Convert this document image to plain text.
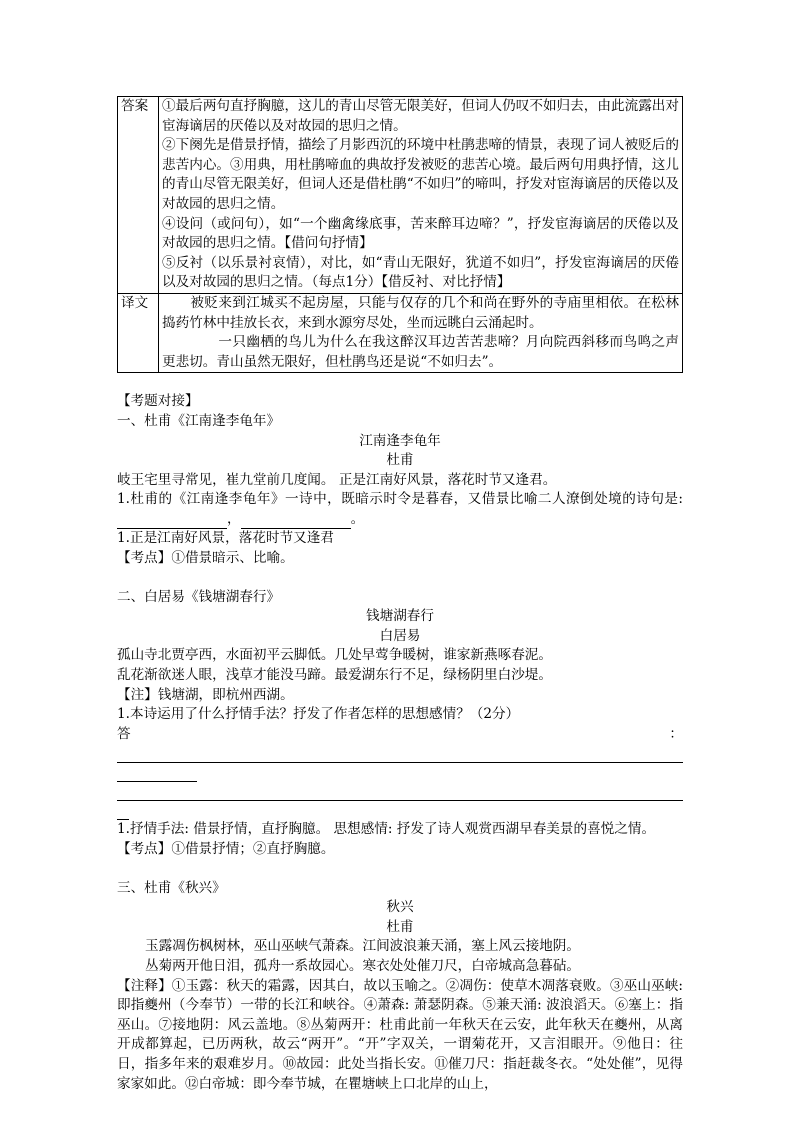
答案	①最后两句直抒胸臆，这儿的青山尽管无限美好，但词人仍叹不如归去，由此流露出对宦海谪居的厌倦以及对故园的思归之情。
②下阕先是借景抒情，描绘了月影西沉的环境中杜鹃悲啼的情景，表现了词人被贬后的悲苦内心。③用典，用杜鹃啼血的典故抒发被贬的悲苦心境。最后两句用典抒情，这儿的青山尽管无限美好，但词人还是借杜鹃“不如归”的啼叫，抒发对宦海谪居的厌倦以及对故园的思归之情。
④设问（或问句），如“一个幽禽缘底事，苦来醉耳边啼？”，抒发宦海谪居的厌倦以及对故园的思归之情。【借问句抒情】
⑤反衬（以乐景衬哀情），对比，如“青山无限好，犹道不如归”，抒发宦海谪居的厌倦以及对故园的思归之情。（每点1分）【借反衬、对比抒情】

译文	被贬来到江城买不起房屋，只能与仅存的几个和尚在野外的寺庙里相依。在松林捣药竹林中挂放长衣，来到水源穷尽处，坐而远眺白云涌起时。
一只幽栖的鸟儿为什么在我这醉汉耳边苦苦悲啼？月向院西斜移而鸟鸣之声更悲切。青山虽然无限好，但杜鹃鸟还是说“不如归去”。

【考题对接】

一、杜甫《江南逢李龟年》

江南逢李龟年

杜甫

岐王宅里寻常见，崔九堂前几度闻。 正是江南好风景，落花时节又逢君。

1.杜甫的《江南逢李龟年》一诗中，既暗示时令是暮春，又借景比喻二人潦倒处境的诗句是:，	。

1.正是江南好风景，落花时节又逢君

【考点】①借景暗示、比喻。

二、白居易《钱塘湖春行》

钱塘湖春行

白居易

孤山寺北贾亭西，水面初平云脚低。几处早莺争暖树，谁家新燕啄春泥。

乱花渐欲迷人眼，浅草才能没马蹄。最爱湖东行不足，绿杨阴里白沙堤。

【注】钱塘湖，即杭州西湖。

1.本诗运用了什么抒情手法？抒发了作者怎样的思想感情？（2分）

答	：

1.抒情手法: 借景抒情，直抒胸臆。 思想感情: 抒发了诗人观赏西湖早春美景的喜悦之情。

【考点】①借景抒情；②直抒胸臆。

三、杜甫《秋兴》

秋兴

杜甫

玉露凋伤枫树林，巫山巫峡气萧森。江间波浪兼天涌，塞上风云接地阴。

丛菊两开他日泪，孤舟一系故园心。寒衣处处催刀尺，白帝城高急暮砧。

【注释】①玉露：秋天的霜露，因其白，故以玉喻之。②凋伤：使草木凋落衰败。③巫山巫峡: 即指夔州（今奉节）一带的长江和峡谷。④萧森: 萧瑟阴森。⑤兼天涌: 波浪滔天。⑥塞上：指巫山。⑦接地阴：风云盖地。⑧丛菊两开：杜甫此前一年秋天在云安，此年秋天在夔州，从离开成都算起，已历两秋，故云“两开”。“开”字双关，一谓菊花开，又言泪眼开。⑨他日：往日，指多年来的艰难岁月。⑩故园：此处当指长安。⑪催刀尺：指赶裁冬衣。“处处催”，见得家家如此。⑫白帝城：即今奉节城，在瞿塘峡上口北岸的山上，
